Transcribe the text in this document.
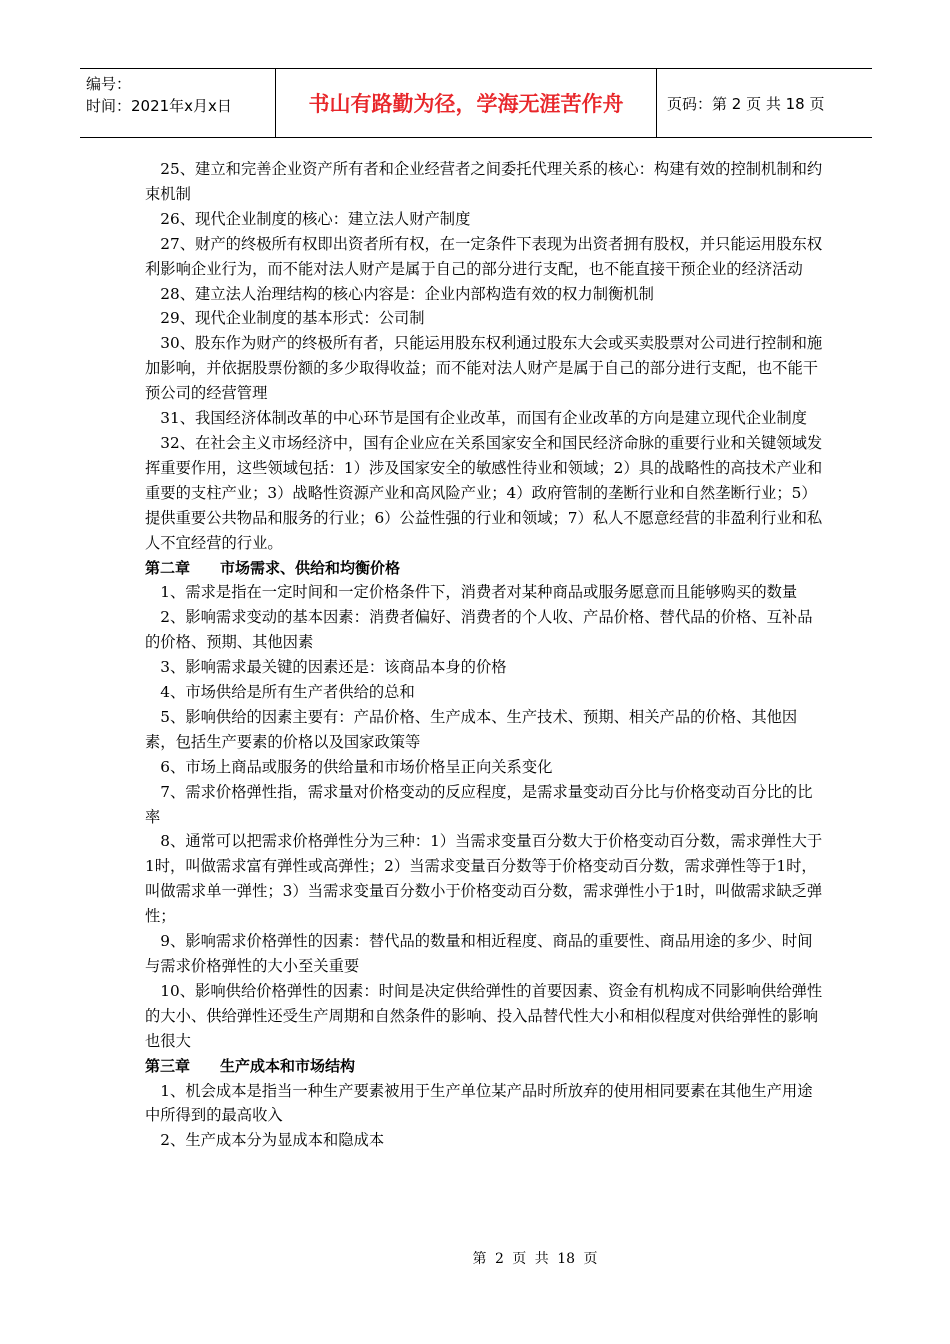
编号：
时间：2021年x月x日	书山有路勤为径，学海无涯苦作舟	页码：第 2 页 共 18 页

25、建立和完善企业资产所有者和企业经营者之间委托代理关系的核心：构建有效的控制机制和约束机制

26、现代企业制度的核心：建立法人财产制度

27、财产的终极所有权即出资者所有权，在一定条件下表现为出资者拥有股权，并只能运用股东权利影响企业行为，而不能对法人财产是属于自己的部分进行支配，也不能直接干预企业的经济活动

28、建立法人治理结构的核心内容是：企业内部构造有效的权力制衡机制

29、现代企业制度的基本形式：公司制

30、股东作为财产的终极所有者，只能运用股东权利通过股东大会或买卖股票对公司进行控制和施加影响，并依据股票份额的多少取得收益；而不能对法人财产是属于自己的部分进行支配，也不能干预公司的经营管理

31、我国经济体制改革的中心环节是国有企业改革，而国有企业改革的方向是建立现代企业制度

32、在社会主义市场经济中，国有企业应在关系国家安全和国民经济命脉的重要行业和关键领域发挥重要作用，这些领域包括：1）涉及国家安全的敏感性待业和领域；2）具的战略性的高技术产业和重要的支柱产业；3）战略性资源产业和高风险产业；4）政府管制的垄断行业和自然垄断行业；5）提供重要公共物品和服务的行业；6）公益性强的行业和领域；7）私人不愿意经营的非盈利行业和私人不宜经营的行业。

第二章　　市场需求、供给和均衡价格

1、需求是指在一定时间和一定价格条件下，消费者对某种商品或服务愿意而且能够购买的数量

2、影响需求变动的基本因素：消费者偏好、消费者的个人收、产品价格、替代品的价格、互补品的价格、预期、其他因素

3、影响需求最关键的因素还是：该商品本身的价格

4、市场供给是所有生产者供给的总和

5、影响供给的因素主要有：产品价格、生产成本、生产技术、预期、相关产品的价格、其他因素，包括生产要素的价格以及国家政策等

6、市场上商品或服务的供给量和市场价格呈正向关系变化

7、需求价格弹性指，需求量对价格变动的反应程度，是需求量变动百分比与价格变动百分比的比率

8、通常可以把需求价格弹性分为三种：1）当需求变量百分数大于价格变动百分数，需求弹性大于1时，叫做需求富有弹性或高弹性；2）当需求变量百分数等于价格变动百分数，需求弹性等于1时，叫做需求单一弹性；3）当需求变量百分数小于价格变动百分数，需求弹性小于1时，叫做需求缺乏弹性；

9、影响需求价格弹性的因素：替代品的数量和相近程度、商品的重要性、商品用途的多少、时间与需求价格弹性的大小至关重要

10、影响供给价格弹性的因素：时间是决定供给弹性的首要因素、资金有机构成不同影响供给弹性的大小、供给弹性还受生产周期和自然条件的影响、投入品替代性大小和相似程度对供给弹性的影响也很大

第三章　　生产成本和市场结构

1、机会成本是指当一种生产要素被用于生产单位某产品时所放弃的使用相同要素在其他生产用途中所得到的最高收入

2、生产成本分为显成本和隐成本

第 2 页 共 18 页
